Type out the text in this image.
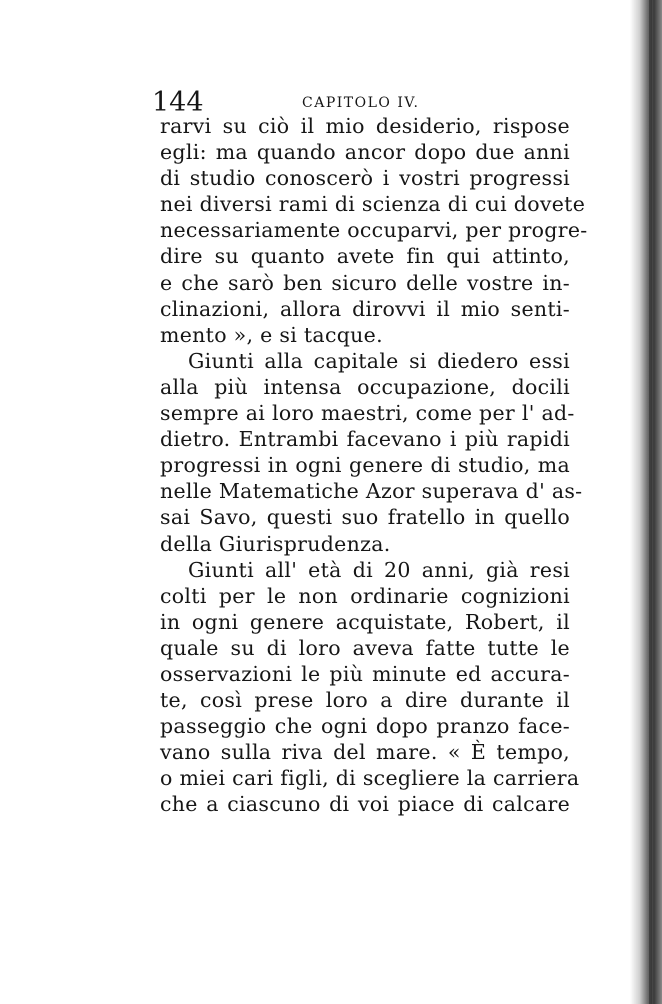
144	CAPITOLO IV.
rarvi su ciò il mio desiderio, rispose
egli: ma quando ancor dopo due anni
di studio conoscerò i vostri progressi
nei diversi rami di scienza di cui dovete
necessariamente occuparvi, per progre-
dire su quanto avete fin qui attinto,
e che sarò ben sicuro delle vostre in-
clinazioni, allora dirovvi il mio senti-
mento », e si tacque.
Giunti alla capitale si diedero essi
alla più intensa occupazione, docili
sempre ai loro maestri, come per l' ad-
dietro. Entrambi facevano i più rapidi
progressi in ogni genere di studio, ma
nelle Matematiche Azor superava d' as-
sai Savo, questi suo fratello in quello
della Giurisprudenza.
Giunti all' età di 20 anni, già resi
colti per le non ordinarie cognizioni
in ogni genere acquistate, Robert, il
quale su di loro aveva fatte tutte le
osservazioni le più minute ed accura-
te, così prese loro a dire durante il
passeggio che ogni dopo pranzo face-
vano sulla riva del mare. « È tempo,
o miei cari figli, di scegliere la carriera
che a ciascuno di voi piace di calcare
